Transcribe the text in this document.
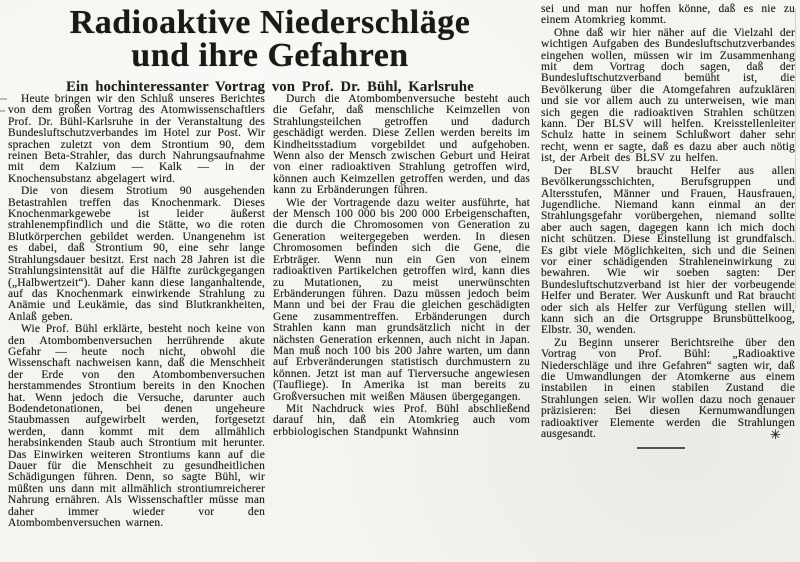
Radioaktive Niederschläge
und ihre Gefahren
Ein hochinteressanter Vortrag von Prof. Dr. Bühl, Karlsruhe

Heute bringen wir den Schluß unseres Berichtes von dem großen Vortrag des Atomwissenschaftlers Prof. Dr. Bühl-Karlsruhe in der Veranstaltung des Bundesluftschutzverbandes im Hotel zur Post. Wir sprachen zuletzt von dem Strontium 90, dem reinen Beta-Strahler, das durch Nahrungsaufnahme mit dem Kalzium — Kalk — in der Knochensubstanz abgelagert wird.

Die von diesem Strotium 90 ausgehenden Betastrahlen treffen das Knochenmark. Dieses Knochenmarkgewebe ist leider äußerst strahlenempfindlich und die Stätte, wo die roten Blutkörperchen gebildet werden. Unangenehm ist es dabei, daß Strontium 90, eine sehr lange Strahlungsdauer besitzt. Erst nach 28 Jahren ist die Strahlungsintensität auf die Hälfte zurückgegangen („Halbwertzeit“). Daher kann diese langanhaltende, auf das Knochenmark einwirkende Strahlung zu Anämie und Leukämie, das sind Blutkrankheiten, Anlaß geben.

Wie Prof. Bühl erklärte, besteht noch keine von den Atombombenversuchen herrührende akute Gefahr — heute noch nicht, obwohl die Wissenschaft nachweisen kann, daß die Menschheit der Erde von den Atombombenversuchen herstammendes Strontium bereits in den Knochen hat. Wenn jedoch die Versuche, darunter auch Bodendetonationen, bei denen ungeheure Staubmassen aufgewirbelt werden, fortgesetzt werden, dann kommt mit dem allmählich herabsinkenden Staub auch Strontium mit herunter. Das Einwirken weiteren Strontiums kann auf die Dauer für die Menschheit zu gesundheitlichen Schädigungen führen. Denn, so sagte Bühl, wir müßten uns dann mit allmählich strontiumreicherer Nahrung ernähren. Als Wissenschaftler müsse man daher immer wieder vor den Atombombenversuchen warnen.

Durch die Atombombenversuche besteht auch die Gefahr, daß menschliche Keimzellen von Strahlungsteilchen getroffen und dadurch geschädigt werden. Diese Zellen werden bereits im Kindheitsstadium vorgebildet und aufgehoben. Wenn also der Mensch zwischen Geburt und Heirat von einer radioaktiven Strahlung getroffen wird, können auch Keimzellen getroffen werden, und das kann zu Erbänderungen führen.

Wie der Vortragende dazu weiter ausführte, hat der Mensch 100 000 bis 200 000 Erbeigenschaften, die durch die Chromosomen von Generation zu Generation weitergegeben werden. In diesen Chromosomen befinden sich die Gene, die Erbträger. Wenn nun ein Gen von einem radioaktiven Partikelchen getroffen wird, kann dies zu Mutationen, zu meist unerwünschten Erbänderungen führen. Dazu müssen jedoch beim Mann und bei der Frau die gleichen geschädigten Gene zusammentreffen. Erbänderungen durch Strahlen kann man grundsätzlich nicht in der nächsten Generation erkennen, auch nicht in Japan. Man muß noch 100 bis 200 Jahre warten, um dann auf Erbveränderungen statistisch durchmustern zu können. Jetzt ist man auf Tierversuche angewiesen (Taufliege). In Amerika ist man bereits zu Großversuchen mit weißen Mäusen übergegangen.

Mit Nachdruck wies Prof. Bühl abschließend darauf hin, daß ein Atomkrieg auch vom erbbiologischen Standpunkt Wahnsinn

sei und man nur hoffen könne, daß es nie zu einem Atomkrieg kommt.

Ohne daß wir hier näher auf die Vielzahl der wichtigen Aufgaben des Bundesluftschutzverbandes eingehen wollen, müssen wir im Zusammenhang mit dem Vortrag doch sagen, daß der Bundesluftschutzverband bemüht ist, die Bevölkerung über die Atomgefahren aufzuklären und sie vor allem auch zu unterweisen, wie man sich gegen die radioaktiven Strahlen schützen kann. Der BLSV will helfen. Kreisstellenleiter Schulz hatte in seinem Schlußwort daher sehr recht, wenn er sagte, daß es dazu aber auch nötig ist, der Arbeit des BLSV zu helfen.

Der BLSV braucht Helfer aus allen Bevölkerungsschichten, Berufsgruppen und Altersstufen, Männer und Frauen, Hausfrauen, Jugendliche. Niemand kann einmal an der Strahlungsgefahr vorübergehen, niemand sollte aber auch sagen, dagegen kann ich mich doch nicht schützen. Diese Einstellung ist grundfalsch. Es gibt viele Möglichkeiten, sich und die Seinen vor einer schädigenden Strahleneinwirkung zu bewahren. Wie wir soeben sagten: Der Bundesluftschutzverband ist hier der vorbeugende Helfer und Berater. Wer Auskunft und Rat braucht oder sich als Helfer zur Verfügung stellen will, kann sich an die Ortsgruppe Brunsbüttelkoog, Elbstr. 30, wenden.

Zu Beginn unserer Berichtsreihe über den Vortrag von Prof. Bühl: „Radioaktive Niederschläge und ihre Gefahren“ sagten wir, daß die Umwandlungen der Atomkerne aus einem instabilen in einen stabilen Zustand die Strahlungen seien. Wir wollen dazu noch genauer präzisieren: Bei diesen Kernumwandlungen radioaktiver Elemente werden die Strahlungen ausgesandt.	✳
